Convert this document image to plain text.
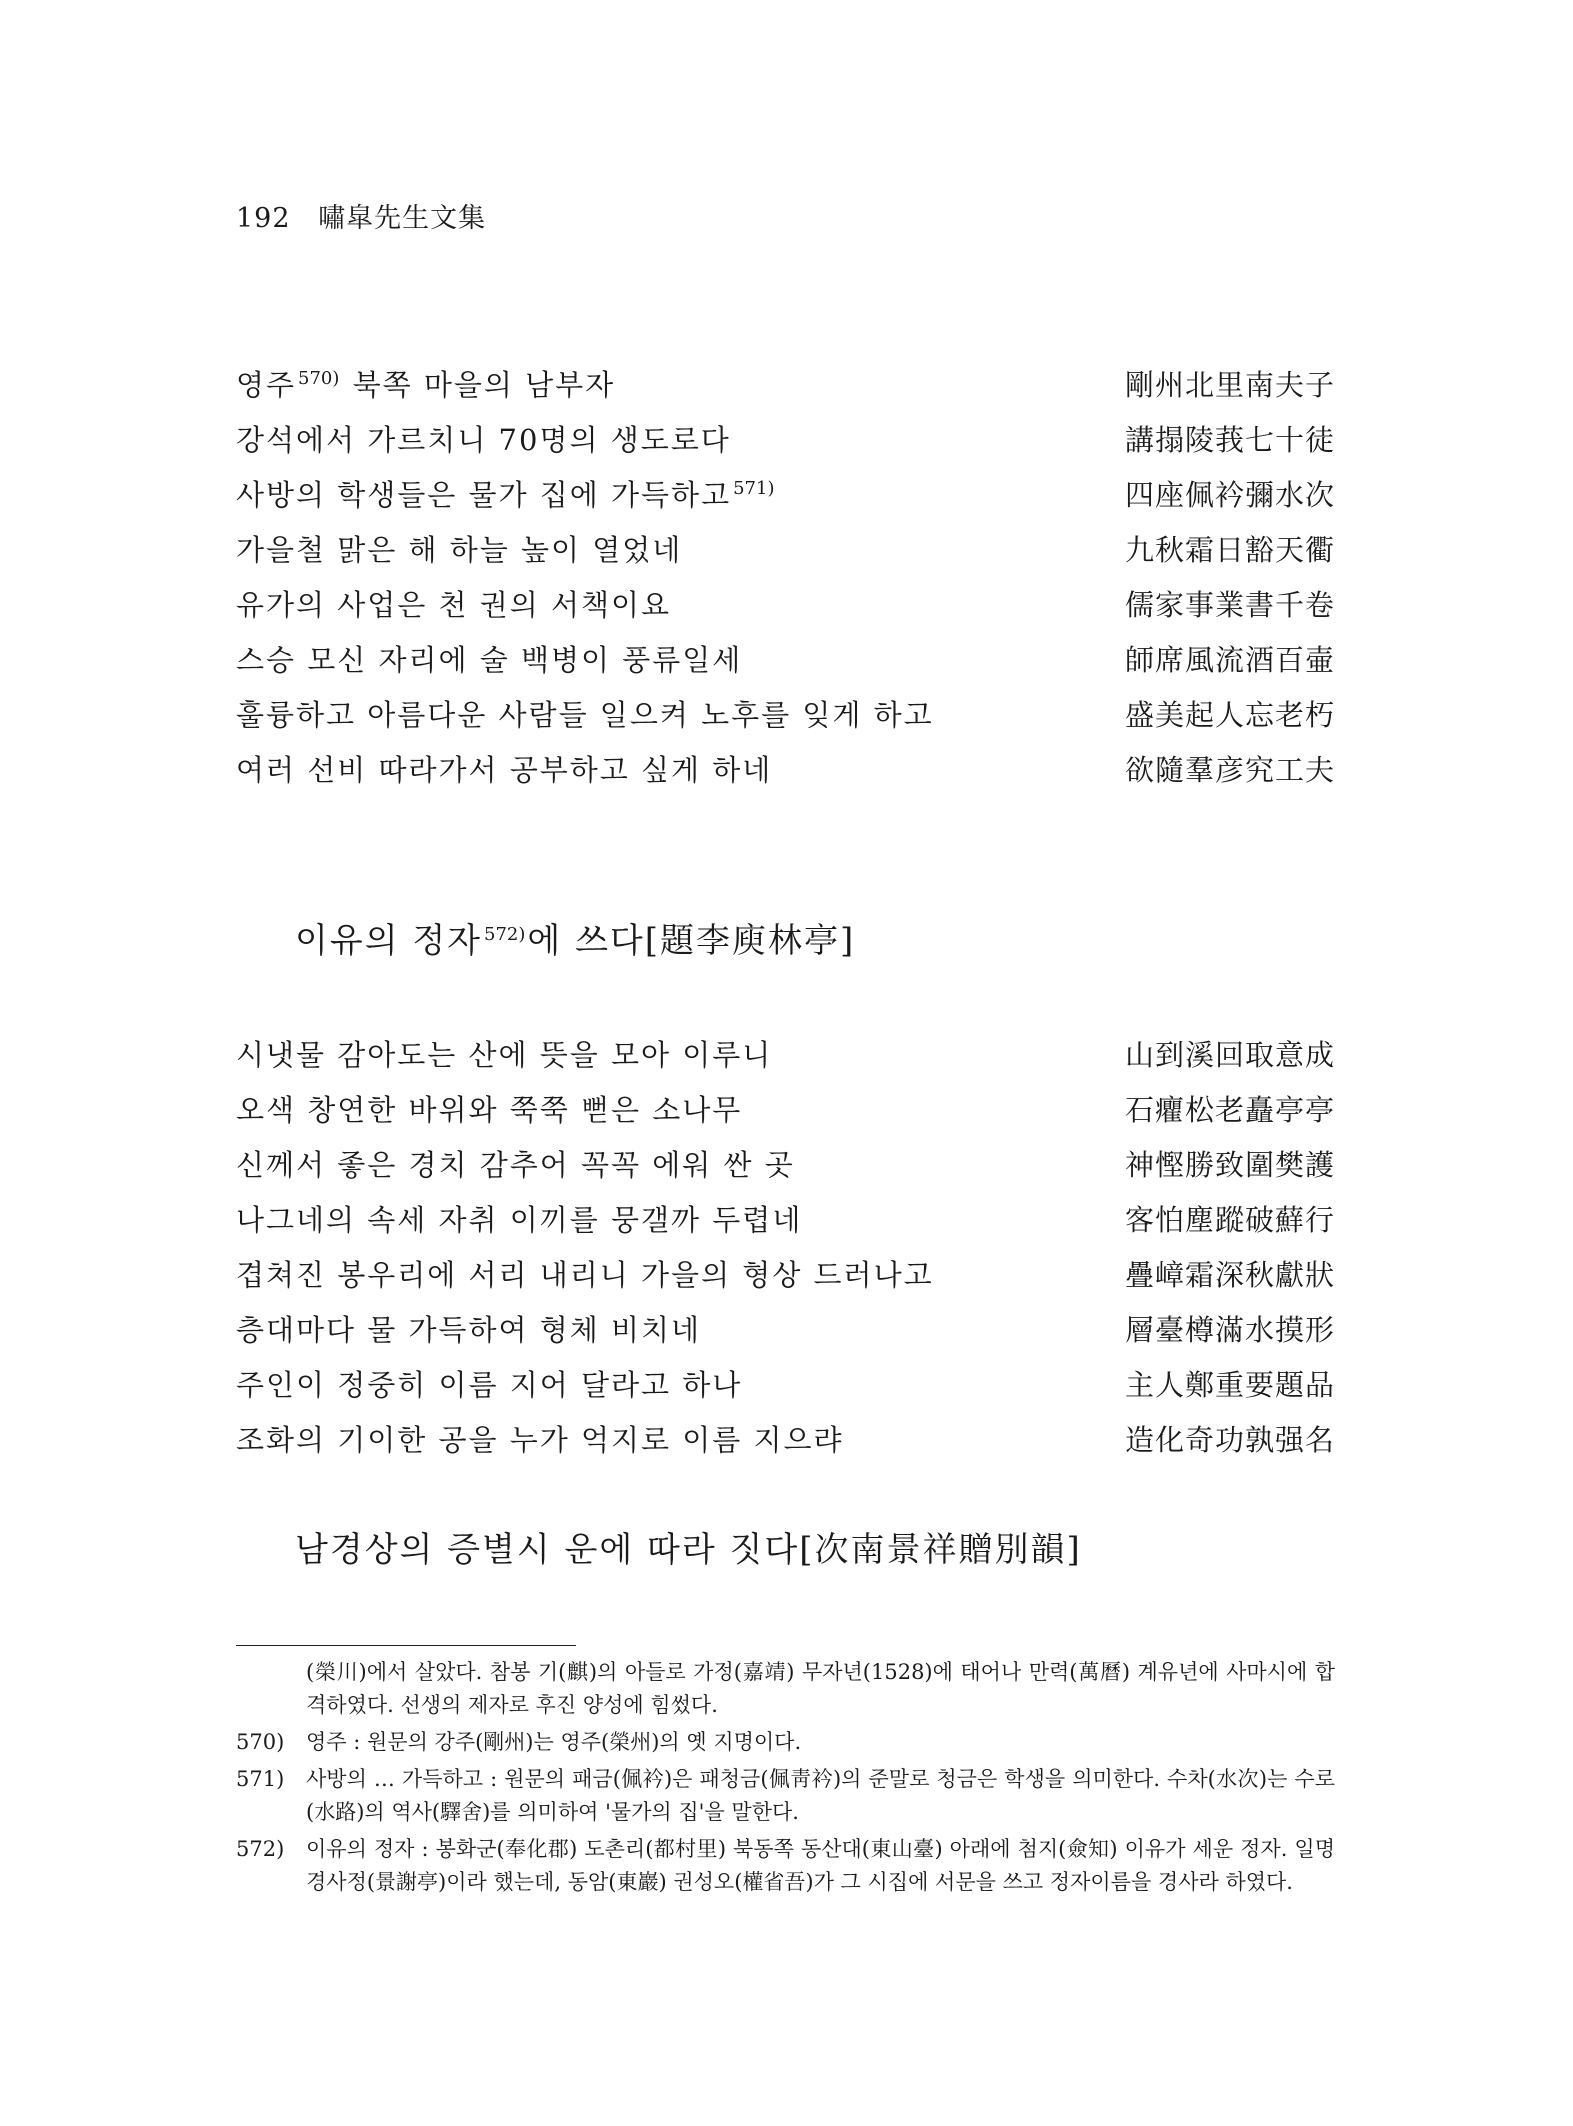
192 嘯皐先生文集
영주 $^{570)}$ 북쪽 마을의 남부자	剛州北里南夫子
강석에서 가르치니 70명의 생도로다	講搨陵莪七十徒
사방의 학생들은 물가 집에 가득하고 $^{571)}$	四座佩衿彌水次
가을철 맑은 해 하늘 높이 열었네	九秋霜日豁天衢
유가의 사업은 천 권의 서책이요	儒家事業書千卷
스승 모신 자리에 술 백병이 풍류일세	師席風流酒百壷
훌륭하고 아름다운 사람들 일으켜 노후를 잊게 하고	盛美起人忘老朽
여러 선비 따라가서 공부하고 싶게 하네	欲隨羣彦究工夫
이유의 정자 $^{572)}$에 쓰다[題李庾林亭]
시냇물 감아도는 산에 뜻을 모아 이루니	山到溪回取意成
오색 창연한 바위와 쭉쭉 뻗은 소나무	石癯松老矗亭亭
신께서 좋은 경치 감추어 꼭꼭 에워 싼 곳	神慳勝致圍樊護
나그네의 속세 자취 이끼를 뭉갤까 두렵네	客怕塵蹤破蘚行
겹쳐진 봉우리에 서리 내리니 가을의 형상 드러나고	疊嶂霜深秋獻狀
층대마다 물 가득하여 형체 비치네	層臺樽滿水摸形
주인이 정중히 이름 지어 달라고 하나	主人鄭重要題品
조화의 기이한 공을 누가 억지로 이름 지으랴	造化奇功孰强名
남경상의 증별시 운에 따라 짓다[次南景祥贈別韻]
(榮川)에서 살았다. 참봉 기(麒)의 아들로 가정(嘉靖) 무자년(1528)에 태어나 만력(萬曆) 계유년에 사마시에 합격하였다. 선생의 제자로 후진 양성에 힘썼다.
570)	영주 : 원문의 강주(剛州)는 영주(榮州)의 옛 지명이다.
571)	사방의 … 가득하고 : 원문의 패금(佩衿)은 패청금(佩靑衿)의 준말로 청금은 학생을 의미한다. 수차(水次)는 수로(水路)의 역사(驛舍)를 의미하여 '물가의 집'을 말한다.
572)	이유의 정자 : 봉화군(奉化郡) 도촌리(都村里) 북동쪽 동산대(東山臺) 아래에 첨지(僉知) 이유가 세운 정자. 일명 경사정(景謝亭)이라 했는데, 동암(東巖) 권성오(權省吾)가 그 시집에 서문을 쓰고 정자이름을 경사라 하였다.
